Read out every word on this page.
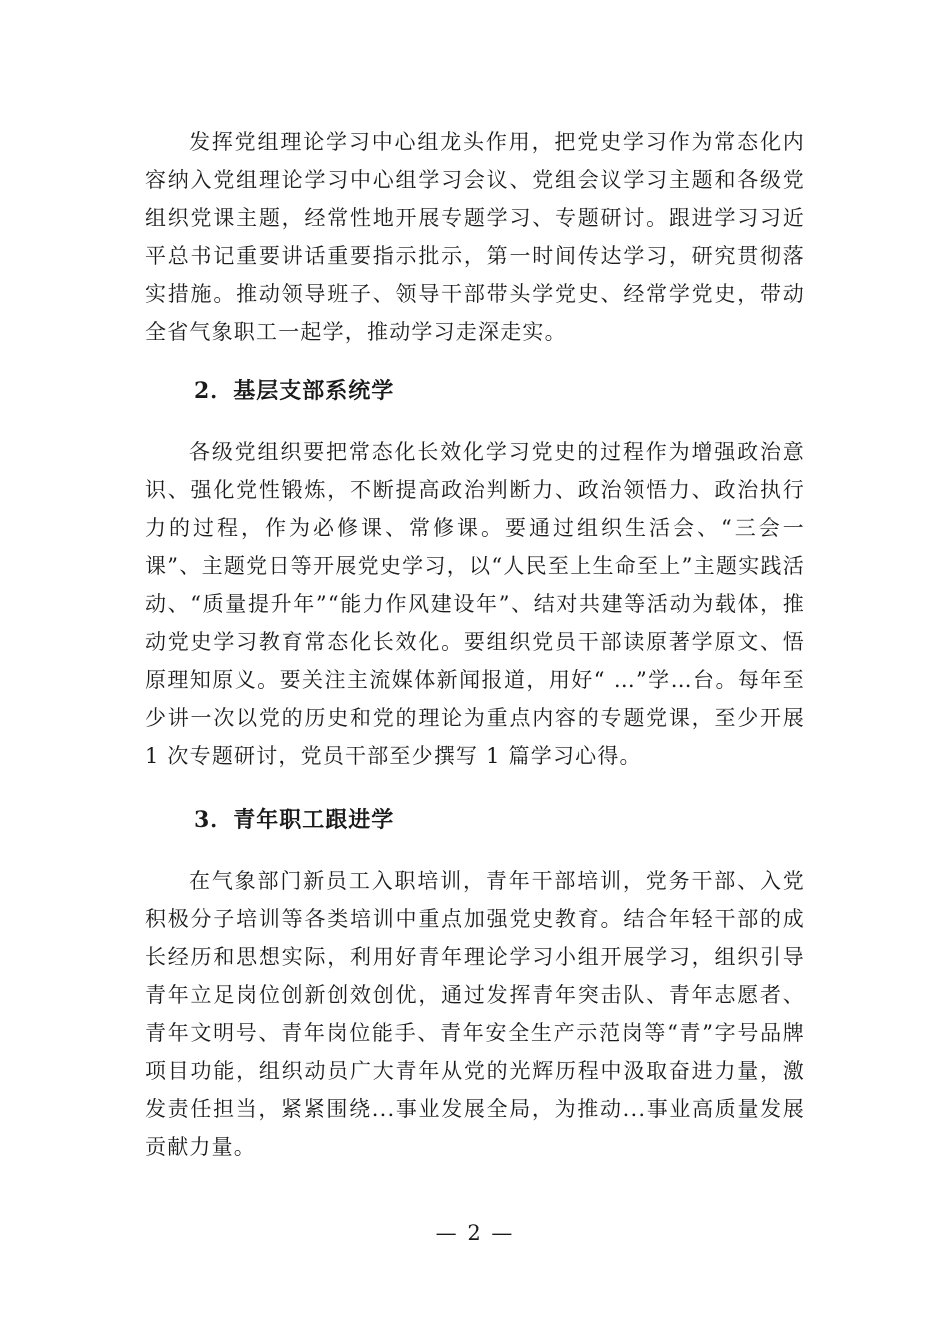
发挥党组理论学习中心组龙头作用，把党史学习作为常态化内容纳入党组理论学习中心组学习会议、党组会议学习主题和各级党组织党课主题，经常性地开展专题学习、专题研讨。跟进学习习近平总书记重要讲话重要指示批示，第一时间传达学习，研究贯彻落实措施。推动领导班子、领导干部带头学党史、经常学党史，带动全省气象职工一起学，推动学习走深走实。

2．基层支部系统学

各级党组织要把常态化长效化学习党史的过程作为增强政治意识、强化党性锻炼，不断提高政治判断力、政治领悟力、政治执行力的过程，作为必修课、常修课。要通过组织生活会、“三会一课”、主题党日等开展党史学习，以“人民至上生命至上”主题实践活动、“质量提升年”“能力作风建设年”、结对共建等活动为载体，推动党史学习教育常态化长效化。要组织党员干部读原著学原文、悟原理知原义。要关注主流媒体新闻报道，用好“ …”学…台。每年至少讲一次以党的历史和党的理论为重点内容的专题党课，至少开展 1 次专题研讨，党员干部至少撰写 1 篇学习心得。

3．青年职工跟进学

在气象部门新员工入职培训，青年干部培训，党务干部、入党积极分子培训等各类培训中重点加强党史教育。结合年轻干部的成长经历和思想实际，利用好青年理论学习小组开展学习，组织引导青年立足岗位创新创效创优，通过发挥青年突击队、青年志愿者、青年文明号、青年岗位能手、青年安全生产示范岗等“青”字号品牌项目功能，组织动员广大青年从党的光辉历程中汲取奋进力量，激发责任担当，紧紧围绕...事业发展全局，为推动...事业高质量发展贡献力量。

— 2 —
